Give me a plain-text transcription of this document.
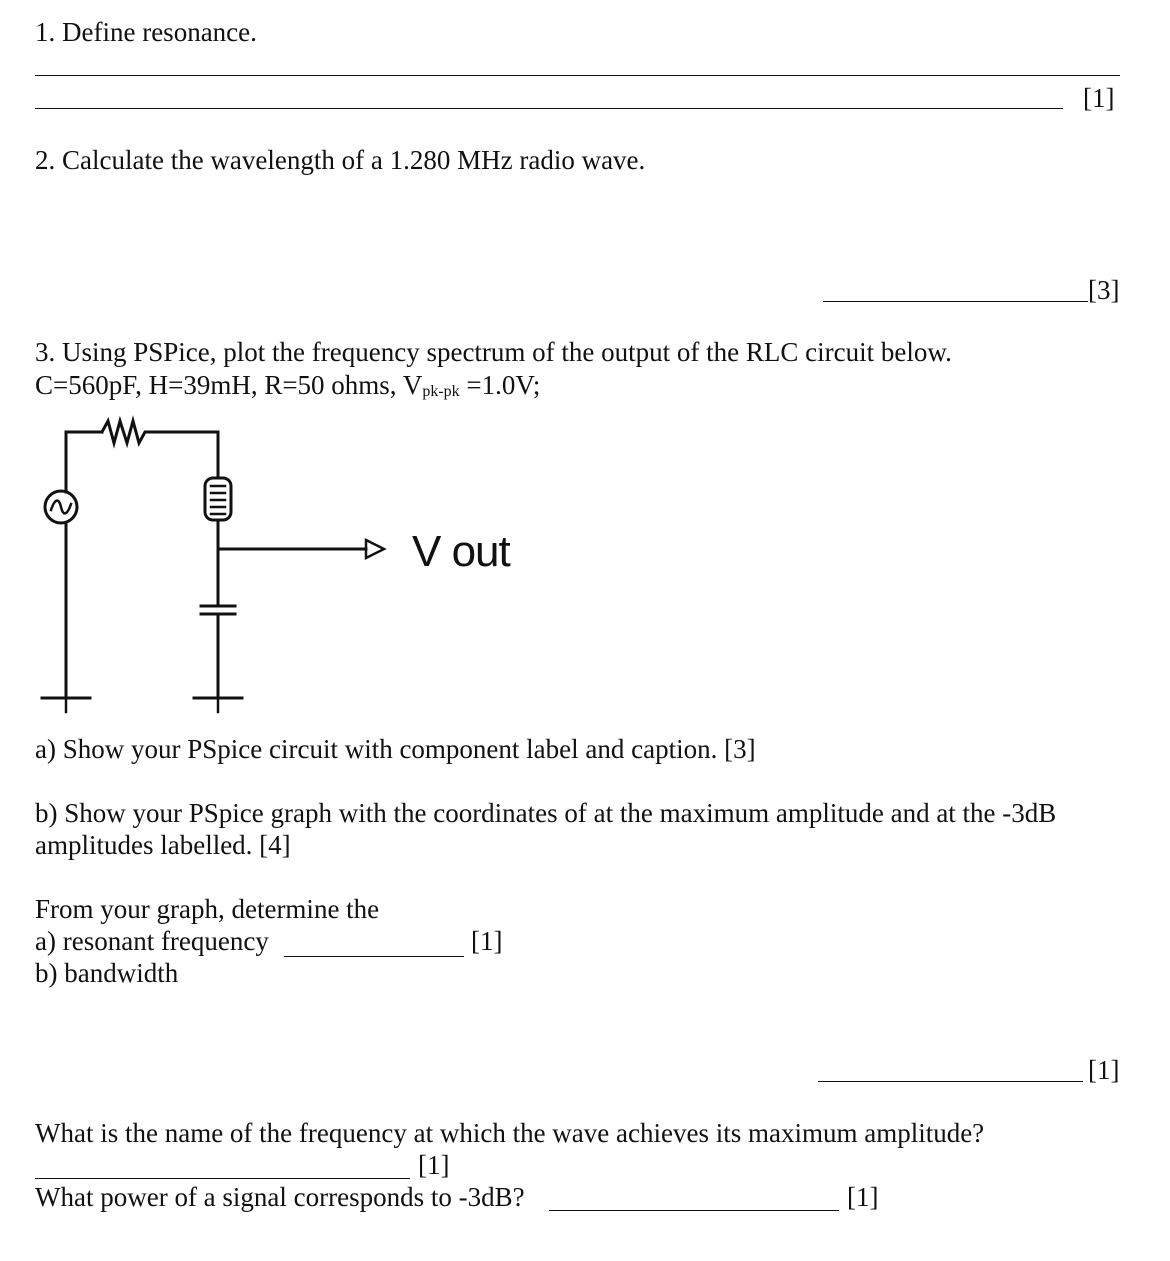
1. Define resonance.
[1]
2. Calculate the wavelength of a 1.280 MHz radio wave.
[3]
3. Using PSPice, plot the frequency spectrum of the output of the RLC circuit below.
C=560pF, H=39mH, R=50 ohms, $V_{pk-pk} =1.0V$;
V out
a) Show your PSpice circuit with component label and caption. [3]
b) Show your PSpice graph with the coordinates of at the maximum amplitude and at the -3dB
amplitudes labelled. [4]
From your graph, determine the
a) resonant frequency	[1]
b) bandwidth
[1]
What is the name of the frequency at which the wave achieves its maximum amplitude?
[1]
What power of a signal corresponds to -3dB?	[1]
